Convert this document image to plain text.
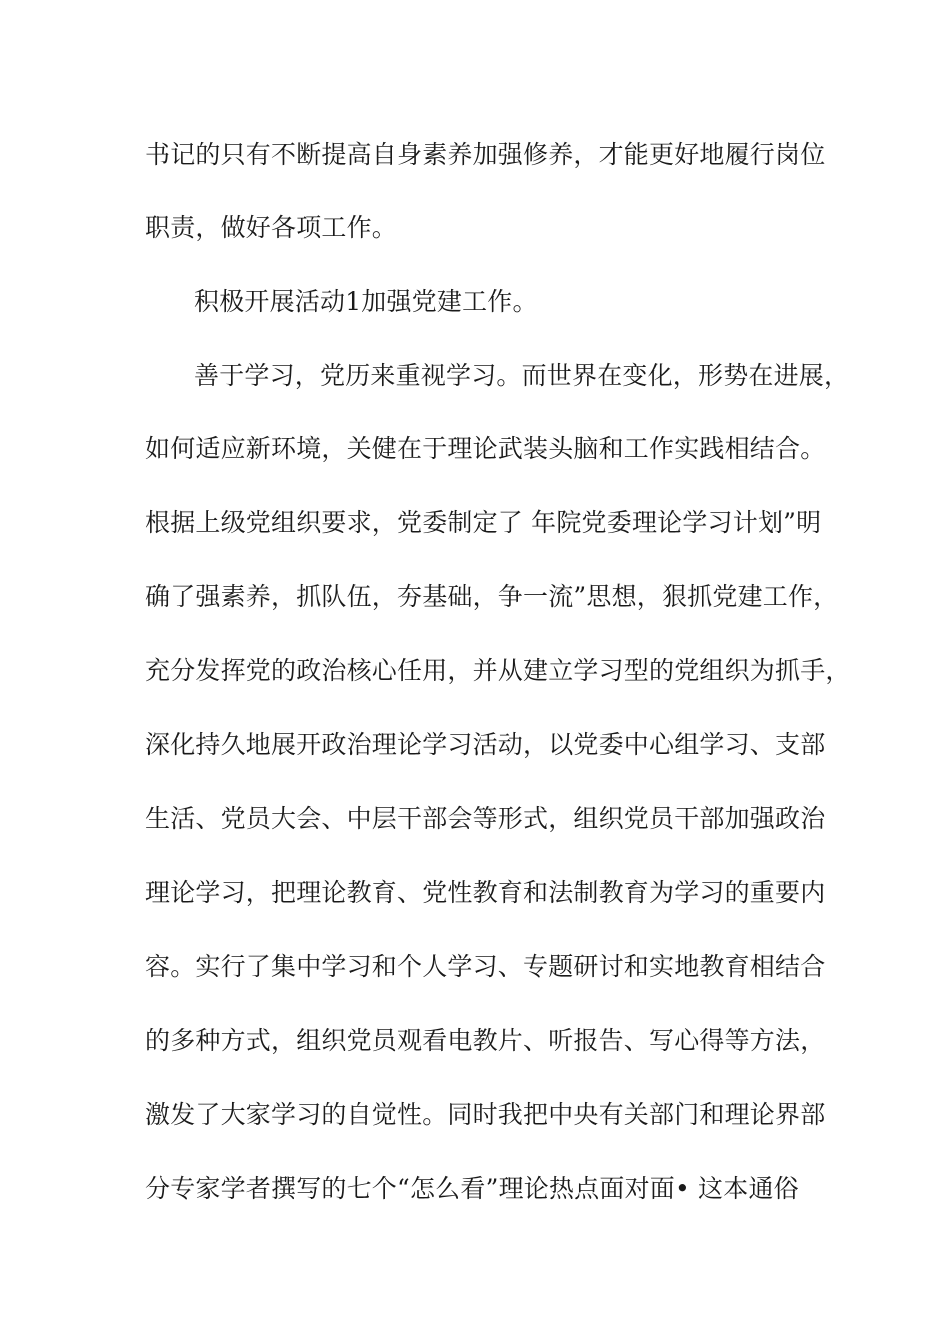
书记的只有不断提高自身素养加强修养，才能更好地履行岗位
职责，做好各项工作。
积极开展活动1加强党建工作。
善于学习，党历来重视学习。而世界在变化，形势在进展，
如何适应新环境，关健在于理论武装头脑和工作实践相结合。
根据上级党组织要求，党委制定了 年院党委理论学习计划”明
确了强素养，抓队伍，夯基础，争一流”思想，狠抓党建工作，
充分发挥党的政治核心任用，并从建立学习型的党组织为抓手，
深化持久地展开政治理论学习活动，以党委中心组学习、支部
生活、党员大会、中层干部会等形式，组织党员干部加强政治
理论学习，把理论教育、党性教育和法制教育为学习的重要内
容。实行了集中学习和个人学习、专题研讨和实地教育相结合
的多种方式，组织党员观看电教片、听报告、写心得等方法，
激发了大家学习的自觉性。同时我把中央有关部门和理论界部
分专家学者撰写的七个“怎么看”理论热点面对面• 这本通俗
